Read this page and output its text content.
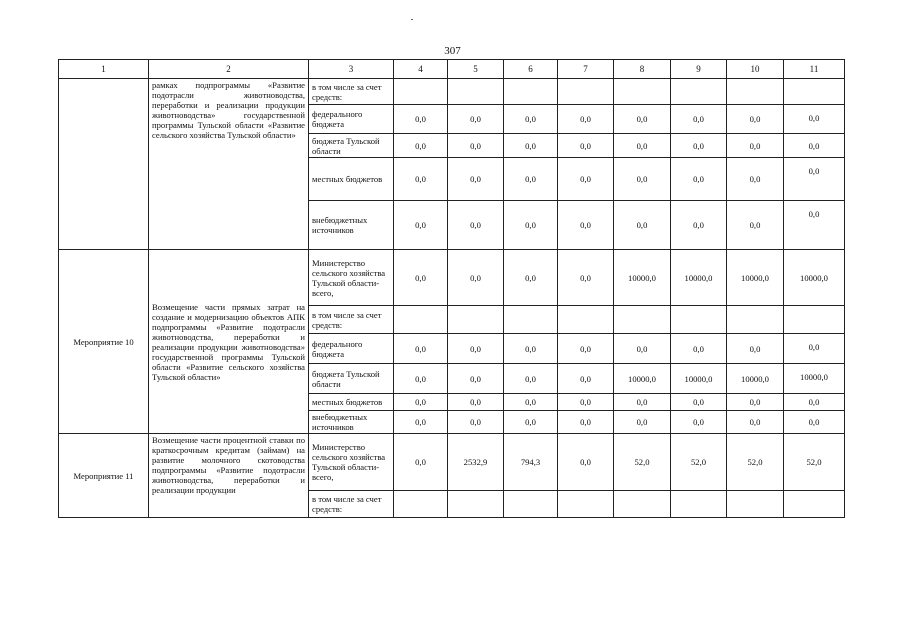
307
1	2	3	4	5	6	7	8	9	10	11
	рамках подпрограммы «Развитие подотрасли животноводства, переработки и реализации продукции животноводства» государственной программы Тульской области «Развитие сельского хозяйства Тульской области»	в том числе за счет средств:								
		федерального бюджета	0,0	0,0	0,0	0,0	0,0	0,0	0,0	0,0
		бюджета Тульской области	0,0	0,0	0,0	0,0	0,0	0,0	0,0	0,0
		местных бюджетов	0,0	0,0	0,0	0,0	0,0	0,0	0,0	0,0
		внебюджетных источников	0,0	0,0	0,0	0,0	0,0	0,0	0,0	0,0
Мероприятие 10	Возмещение части прямых затрат на создание и модернизацию объектов АПК подпрограммы «Развитие подотрасли животноводства, переработки и реализации продукции животноводства» государственной программы Тульской области «Развитие сельского хозяйства Тульской области»	Министерство сельского хозяйства Тульской области-всего,	0,0	0,0	0,0	0,0	10000,0	10000,0	10000,0	10000,0
		в том числе за счет средств:								
		федерального бюджета	0,0	0,0	0,0	0,0	0,0	0,0	0,0	0,0
		бюджета Тульской области	0,0	0,0	0,0	0,0	10000,0	10000,0	10000,0	10000,0
		местных бюджетов	0,0	0,0	0,0	0,0	0,0	0,0	0,0	0,0
		внебюджетных источников	0,0	0,0	0,0	0,0	0,0	0,0	0,0	0,0
Мероприятие 11	Возмещение части процентной ставки по краткосрочным кредитам (займам) на развитие молочного скотоводства подпрограммы «Развитие подотрасли животноводства, переработки и реализации продукции	Министерство сельского хозяйства Тульской области-всего,	0,0	2532,9	794,3	0,0	52,0	52,0	52,0	52,0
		в том числе за счет средств:								
